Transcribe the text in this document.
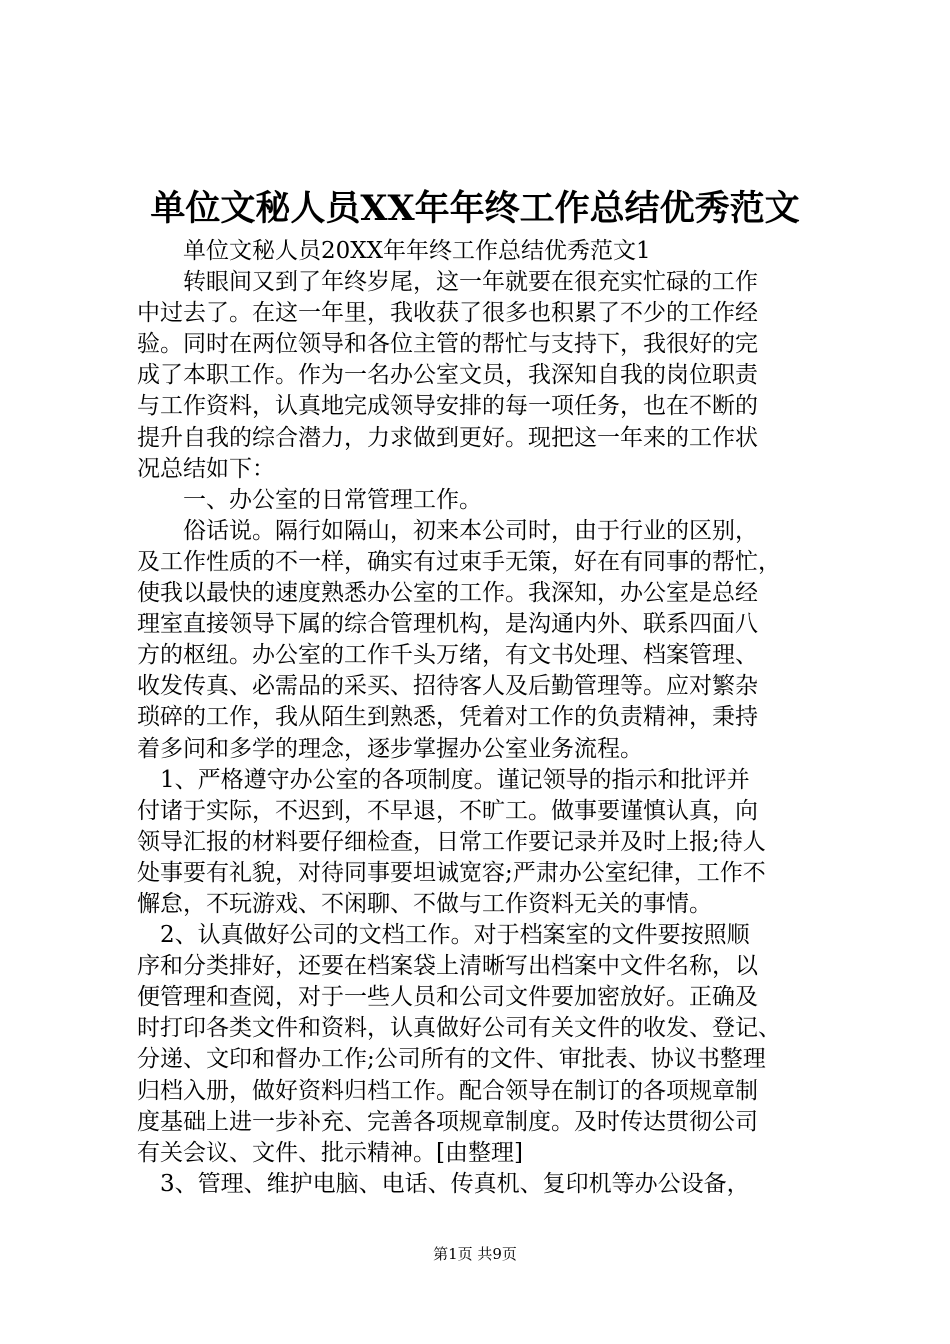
单位文秘人员XX年年终工作总结优秀范文
单位文秘人员20XX年年终工作总结优秀范文1
转眼间又到了年终岁尾，这一年就要在很充实忙碌的工作
中过去了。在这一年里，我收获了很多也积累了不少的工作经
验。同时在两位领导和各位主管的帮忙与支持下，我很好的完
成了本职工作。作为一名办公室文员，我深知自我的岗位职责
与工作资料，认真地完成领导安排的每一项任务，也在不断的
提升自我的综合潜力，力求做到更好。现把这一年来的工作状
况总结如下：
一、办公室的日常管理工作。
俗话说。隔行如隔山，初来本公司时，由于行业的区别，
及工作性质的不一样，确实有过束手无策，好在有同事的帮忙，
使我以最快的速度熟悉办公室的工作。我深知，办公室是总经
理室直接领导下属的综合管理机构，是沟通内外、联系四面八
方的枢纽。办公室的工作千头万绪，有文书处理、档案管理、
收发传真、必需品的采买、招待客人及后勤管理等。应对繁杂
琐碎的工作，我从陌生到熟悉，凭着对工作的负责精神，秉持
着多问和多学的理念，逐步掌握办公室业务流程。
1、严格遵守办公室的各项制度。谨记领导的指示和批评并
付诸于实际，不迟到，不早退，不旷工。做事要谨慎认真，向
领导汇报的材料要仔细检查，日常工作要记录并及时上报;待人
处事要有礼貌，对待同事要坦诚宽容;严肃办公室纪律，工作不
懈怠，不玩游戏、不闲聊、不做与工作资料无关的事情。
2、认真做好公司的文档工作。对于档案室的文件要按照顺
序和分类排好，还要在档案袋上清晰写出档案中文件名称，以
便管理和查阅，对于一些人员和公司文件要加密放好。正确及
时打印各类文件和资料，认真做好公司有关文件的收发、登记、
分递、文印和督办工作;公司所有的文件、审批表、协议书整理
归档入册，做好资料归档工作。配合领导在制订的各项规章制
度基础上进一步补充、完善各项规章制度。及时传达贯彻公司
有关会议、文件、批示精神。[由整理]
3、管理、维护电脑、电话、传真机、复印机等办公设备，
第1页 共9页
